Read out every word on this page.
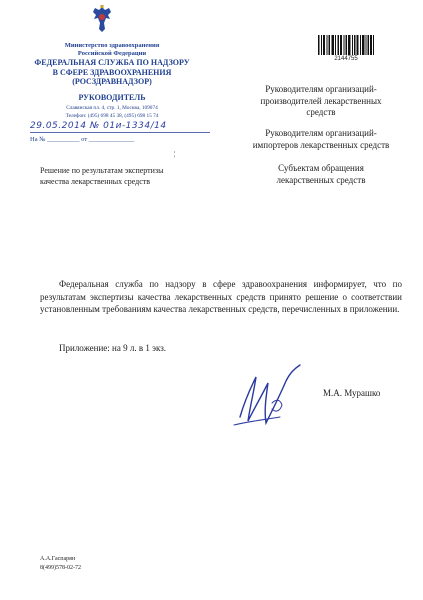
Министерство здравоохранения
Российской Федерации
ФЕДЕРАЛЬНАЯ СЛУЖБА ПО НАДЗОРУ
В СФЕРЕ ЗДРАВООХРАНЕНИЯ
(РОСЗДРАВНАДЗОР)
РУКОВОДИТЕЛЬ
Славянская пл. 4, стр. 1, Москва, 109074
Телефон: (495) 698 45 38, (495) 698 15 74
29.05.2014 № 01и-1334/14
На № __________ от ______________
¦
Решение по результатам экспертизы
качества лекарственных средств
2144755
Руководителям организаций-
производителей лекарственных
средств
Руководителям организаций-
импортеров лекарственных средств
Субъектам обращения
лекарственных средств
Федеральная служба по надзору в сфере здравоохранения информирует, что по результатам экспертизы качества лекарственных средств принято решение о соответствии установленным требованиям качества лекарственных средств, перечисленных в приложении.
Приложение: на 9 л. в 1 экз.
М.А. Мурашко
А.А.Гаспарян
8(499)578-02-72
